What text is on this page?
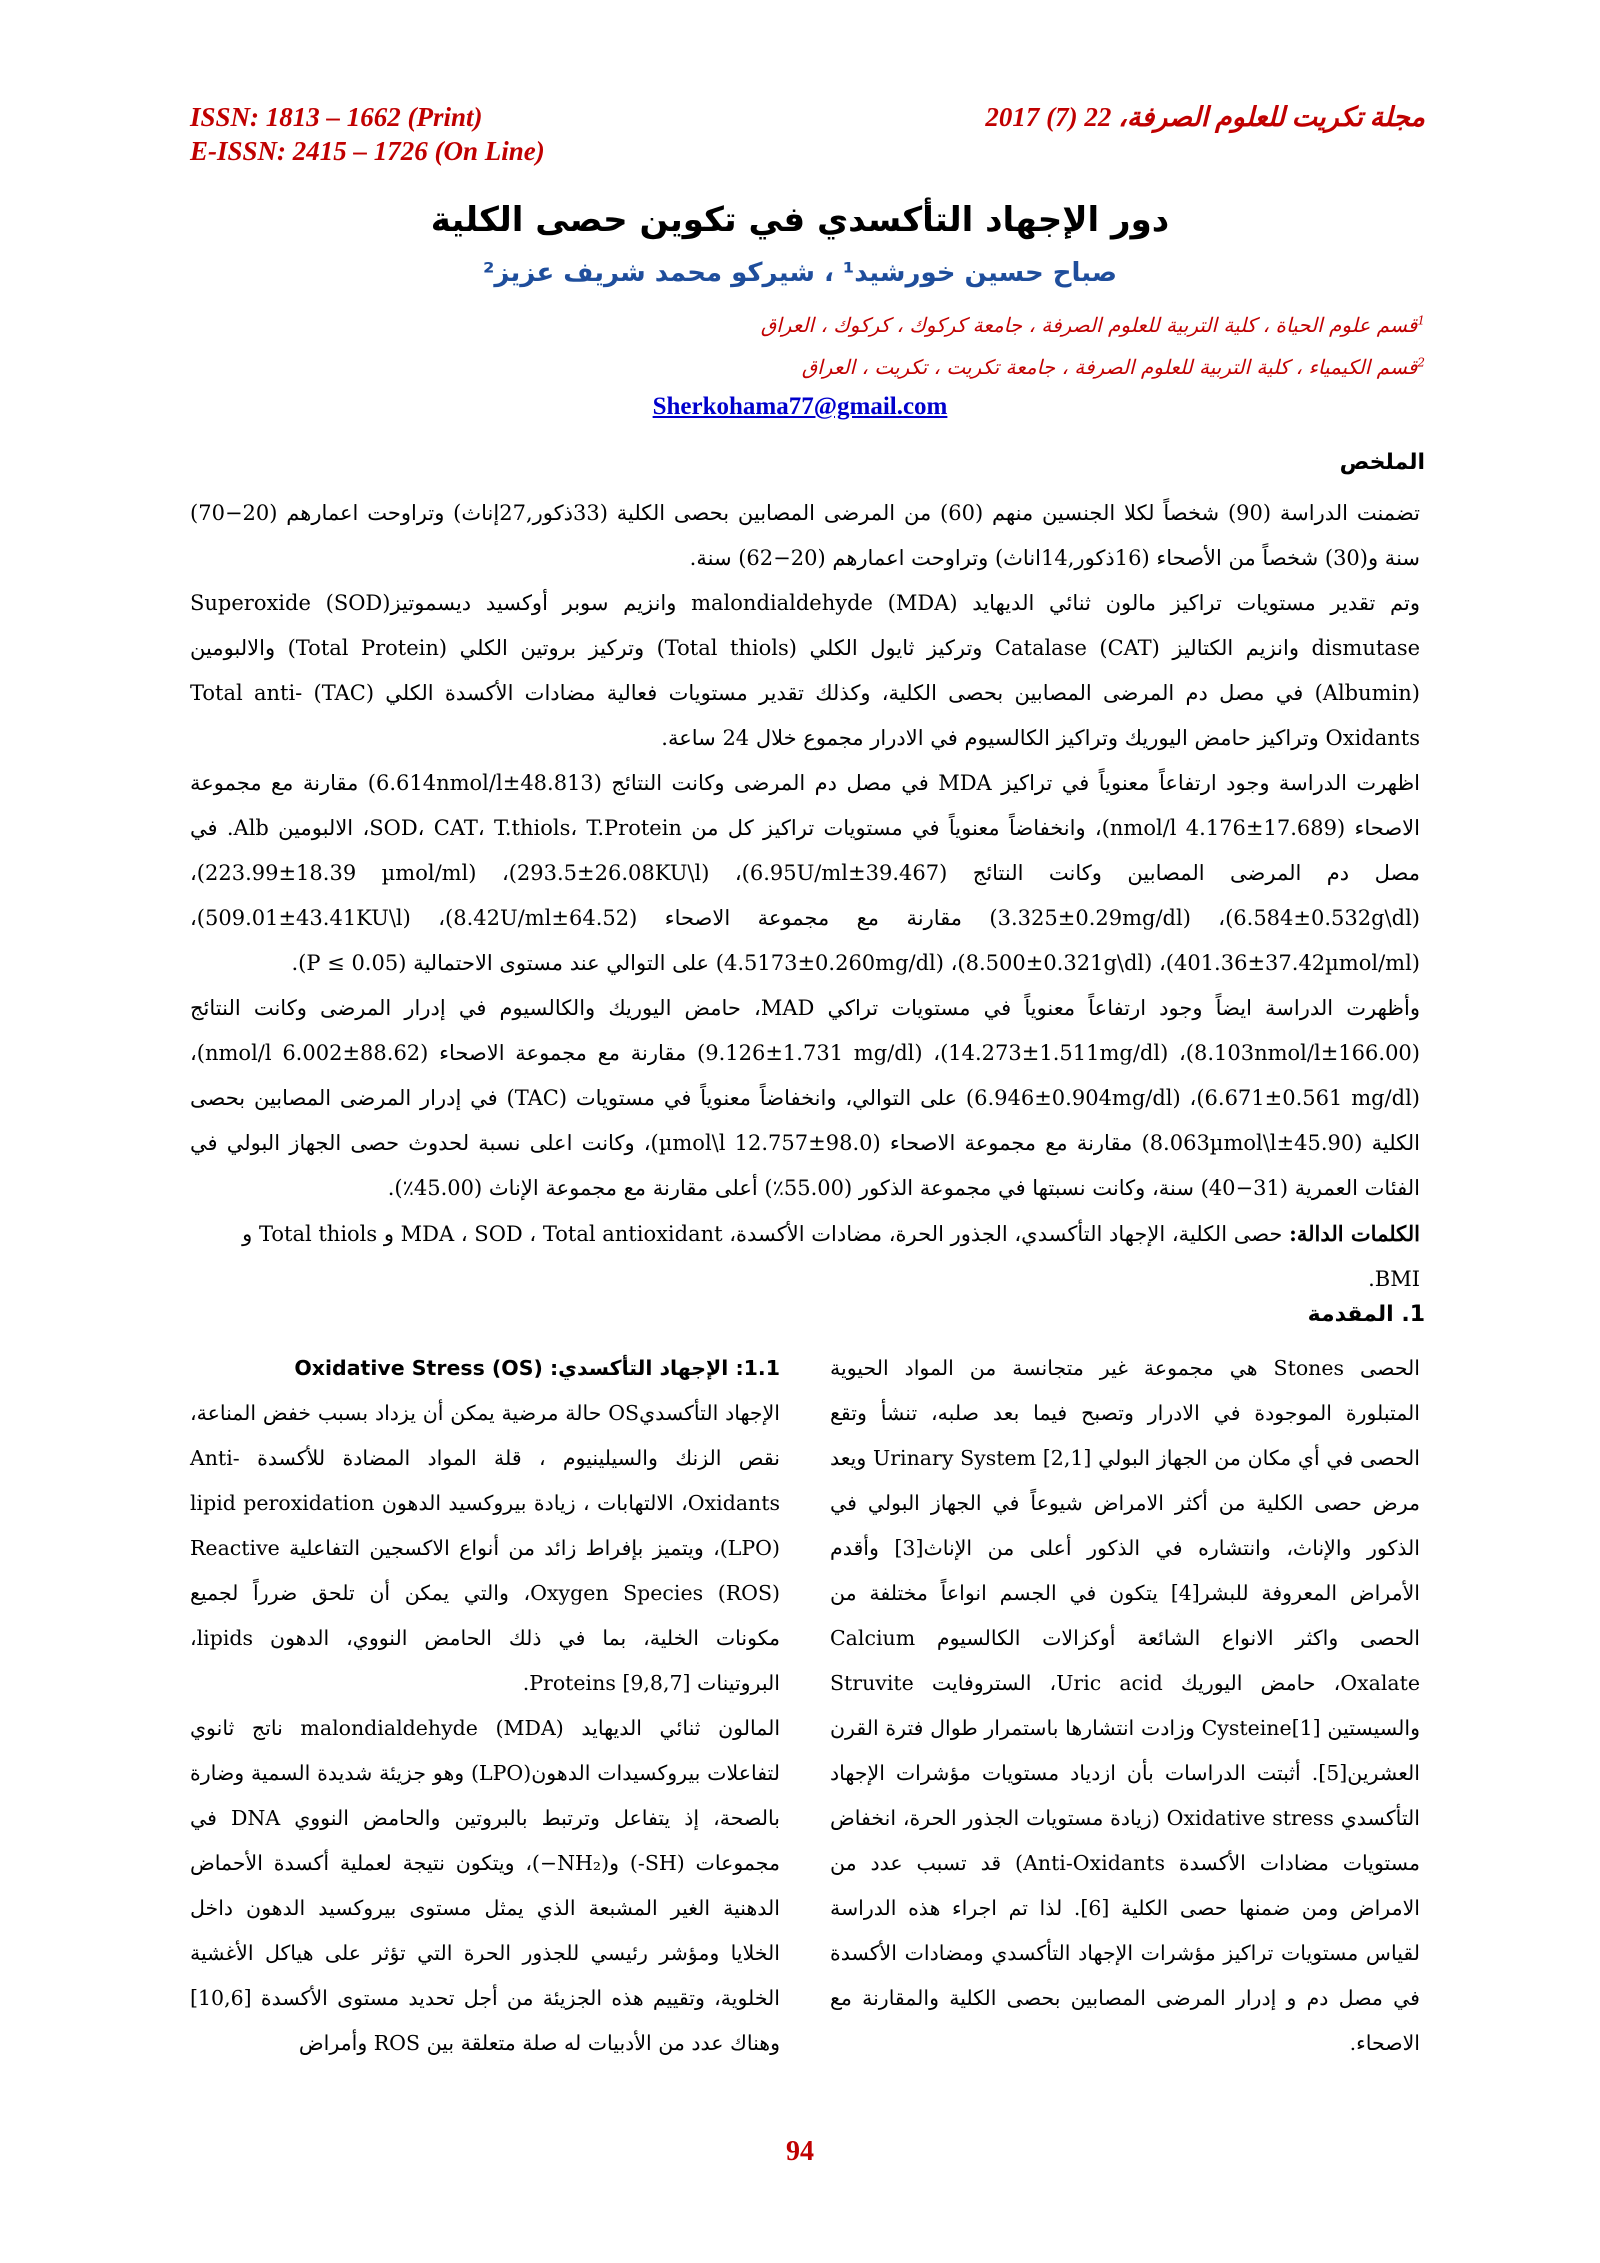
ISSN: 1813 – 1662 (Print)
E-ISSN: 2415 – 1726 (On Line)
مجلة تكريت للعلوم الصرفة، 22 (7) 2017
دور الإجهاد التأكسدي في تكوين حصى الكلية
صباح حسين خورشيد¹ ، شيركو محمد شريف عزيز²
$^1$قسم علوم الحياة ، كلية التربية للعلوم الصرفة ، جامعة كركوك ، كركوك ، العراق
$^2$قسم الكيمياء ، كلية التربية للعلوم الصرفة ، جامعة تكريت ، تكريت ، العراق
Sherkohama77@gmail.com
الملخص

تضمنت الدراسة (90) شخصاً لكلا الجنسين منهم (60) من المرضى المصابين بحصى الكلية (33ذكور,27إناث) وتراوحت اعمارهم (20−70) سنة و(30) شخصاً من الأصحاء (16ذكور,14اناث) وتراوحت اعمارهم (20−62) سنة.

وتم تقدير مستويات تراكيز مالون ثنائي الديهايد malondialdehyde (MDA) وانزيم سوبر أوكسيد ديسموتيز(SOD) Superoxide dismutase وانزيم الكتاليز Catalase (CAT) وتركيز ثايول الكلي (Total thiols) وتركيز بروتين الكلي (Total Protein) والالبومين (Albumin) في مصل دم المرضى المصابين بحصى الكلية، وكذلك تقدير مستويات فعالية مضادات الأكسدة الكلي (TAC) Total anti-Oxidants وتراكيز حامض اليوريك وتراكيز الكالسيوم في الادرار مجموع خلال 24 ساعة.

اظهرت الدراسة وجود ارتفاعاً معنوياً في تراكيز MDA في مصل دم المرضى وكانت النتائج (48.813±6.614nmol/l) مقارنة مع مجموعة الاصحاء (17.689±4.176 nmol/l)، وانخفاضاً معنوياً في مستويات تراكيز كل من SOD، CAT، T.thiols، T.Protein، الالبومين Alb. في مصل دم المرضى المصابين وكانت النتائج (39.467±6.95U/ml)، (293.5±26.08KU\l)، (223.99±18.39 µmol/ml)، (6.584±0.532g\dl)، (3.325±0.29mg/dl) مقارنة مع مجموعة الاصحاء (64.52±8.42U/ml)، (509.01±43.41KU\l)، (401.36±37.42µmol/ml)، (8.500±0.321g\dl)، (4.5173±0.260mg/dl) على التوالي عند مستوى الاحتمالية (P ≤ 0.05).

وأظهرت الدراسة ايضاً وجود ارتفاعاً معنوياً في مستويات تراكي MAD، حامض اليوريك والكالسيوم في إدرار المرضى وكانت النتائج (166.00±8.103nmol/l)، (14.273±1.511mg/dl)، (9.126±1.731 mg/dl) مقارنة مع مجموعة الاصحاء (88.62±6.002 nmol/l)، (6.671±0.561 mg/dl)، (6.946±0.904mg/dl) على التوالي، وانخفاضاً معنوياً في مستويات (TAC) في إدرار المرضى المصابين بحصى الكلية (45.90±8.063µmol\l) مقارنة مع مجموعة الاصحاء (98.0±12.757 µmol\l)، وكانت اعلى نسبة لحدوث حصى الجهاز البولي في الفئات العمرية (31−40) سنة، وكانت نسبتها في مجموعة الذكور (55.00٪) أعلى مقارنة مع مجموعة الإناث (45.00٪).

الكلمات الدالة: حصى الكلية، الإجهاد التأكسدي، الجذور الحرة، مضادات الأكسدة، MDA ، SOD ، Total antioxidant و Total thiols و BMI.

1. المقدمة

الحصى Stones هي مجموعة غير متجانسة من المواد الحيوية المتبلورة الموجودة في الادرار وتصبح فيما بعد صلبه، تنشأ وتقع الحصى في أي مكان من الجهاز البولي Urinary System [2,1] ويعد مرض حصى الكلية من أكثر الامراض شيوعاً في الجهاز البولي في الذكور والإناث، وانتشاره في الذكور أعلى من الإناث[3] وأقدم الأمراض المعروفة للبشر[4] يتكون في الجسم انواعاً مختلفة من الحصى واكثر الانواع الشائعة أوكزالات الكالسيوم Calcium Oxalate، حامض اليوريك Uric acid، الستروفايت Struvite والسيستين Cysteine[1] وزادت انتشارها باستمرار طوال فترة القرن العشرين[5]. أثبتت الدراسات بأن ازدياد مستويات مؤشرات الإجهاد التأكسدي Oxidative stress (زيادة مستويات الجذور الحرة، انخفاض مستويات مضادات الأكسدة Anti-Oxidants) قد تسبب عدد من الامراض ومن ضمنها حصى الكلية [6]. لذا تم اجراء هذه الدراسة لقياس مستويات تراكيز مؤشرات الإجهاد التأكسدي ومضادات الأكسدة في مصل دم و إدرار المرضى المصابين بحصى الكلية والمقارنة مع الاصحاء.

1.1: الإجهاد التأكسدي: Oxidative Stress (OS)

الإجهاد التأكسديOS حالة مرضية يمكن أن يزداد بسبب خفض المناعة، نقص الزنك والسيلينيوم ، قلة المواد المضادة للأكسدة Anti-Oxidants، الالتهابات ، زيادة بيروكسيد الدهون lipid peroxidation (LPO)، ويتميز بإفراط زائد من أنواع الاكسجين التفاعلية Reactive Oxygen Species (ROS)، والتي يمكن أن تلحق ضرراً لجميع مكونات الخلية، بما في ذلك الحامض النووي، الدهون lipids، البروتينات Proteins [9,8,7].

المالون ثنائي الديهايد malondialdehyde (MDA) ناتج ثانوي لتفاعلات بيروكسيدات الدهون(LPO) وهو جزيئة شديدة السمية وضارة بالصحة، إذ يتفاعل وترتبط بالبروتين والحامض النووي DNA في مجموعات (SH-) و(NH₂−)، ويتكون نتيجة لعملية أكسدة الأحماض الدهنية الغير المشبعة الذي يمثل مستوى بيروكسيد الدهون داخل الخلايا ومؤشر رئيسي للجذور الحرة التي تؤثر على هياكل الأغشية الخلوية، وتقييم هذه الجزيئة من أجل تحديد مستوى الأكسدة [10,6] وهناك عدد من الأدبيات له صلة متعلقة بين ROS وأمراض

94
